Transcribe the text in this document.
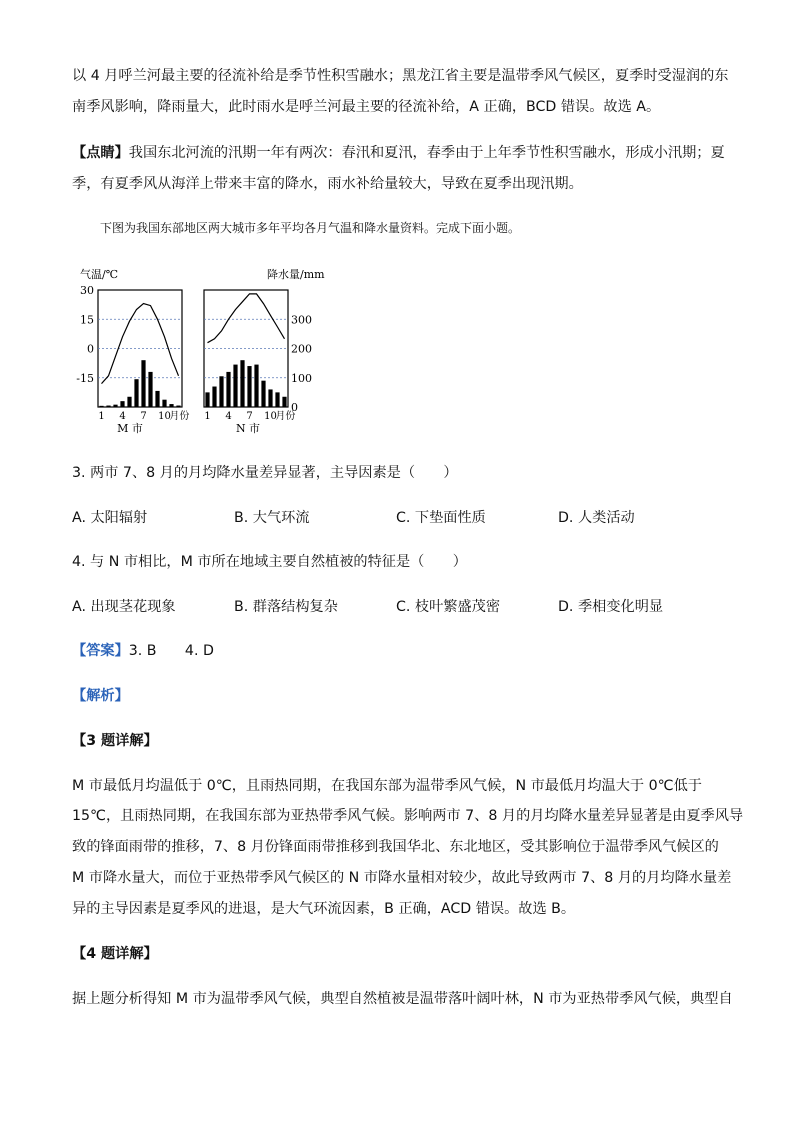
以 4 月呼兰河最主要的径流补给是季节性积雪融水；黑龙江省主要是温带季风气候区，夏季时受湿润的东
南季风影响，降雨量大，此时雨水是呼兰河最主要的径流补给，A 正确，BCD 错误。故选 A。
【点睛】我国东北河流的汛期一年有两次：春汛和夏汛，春季由于上年季节性积雪融水，形成小汛期；夏
季，有夏季风从海洋上带来丰富的降水，雨水补给量较大，导致在夏季出现汛期。
下图为我国东部地区两大城市多年平均各月气温和降水量资料。完成下面小题。
气温/℃	降水量/mm
30
15
0
-15
300
200
100
0
1 4 7 10
月份 1 4 7 10
月份
M 市	N 市
3. 两市 7、8 月的月均降水量差异显著，主导因素是（　　）
A. 太阳辐射	B. 大气环流	C. 下垫面性质	D. 人类活动
4. 与 N 市相比，M 市所在地域主要自然植被的特征是（　　）
A. 出现茎花现象	B. 群落结构复杂	C. 枝叶繁盛茂密	D. 季相变化明显
【答案】3. B　　4. D
【解析】
【3 题详解】
M 市最低月均温低于 0℃，且雨热同期，在我国东部为温带季风气候，N 市最低月均温大于 0℃低于
15℃，且雨热同期，在我国东部为亚热带季风气候。影响两市 7、8 月的月均降水量差异显著是由夏季风导
致的锋面雨带的推移，7、8 月份锋面雨带推移到我国华北、东北地区，受其影响位于温带季风气候区的
M 市降水量大，而位于亚热带季风气候区的 N 市降水量相对较少，故此导致两市 7、8 月的月均降水量差
异的主导因素是夏季风的进退，是大气环流因素，B 正确，ACD 错误。故选 B。
【4 题详解】
据上题分析得知 M 市为温带季风气候，典型自然植被是温带落叶阔叶林，N 市为亚热带季风气候，典型自
